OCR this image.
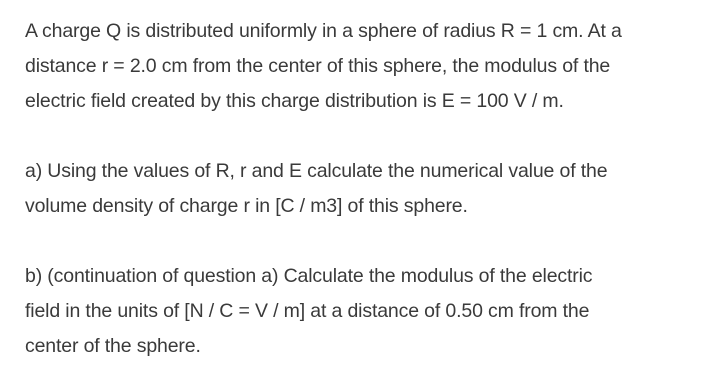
A charge Q is distributed uniformly in a sphere of radius R = 1 cm. At a
distance r = 2.0 cm from the center of this sphere, the modulus of the
electric field created by this charge distribution is E = 100 V / m.

a) Using the values of R, r and E calculate the numerical value of the
volume density of charge r in [C / m3] of this sphere.

b) (continuation of question a) Calculate the modulus of the electric
field in the units of [N / C = V / m] at a distance of 0.50 cm from the
center of the sphere.
